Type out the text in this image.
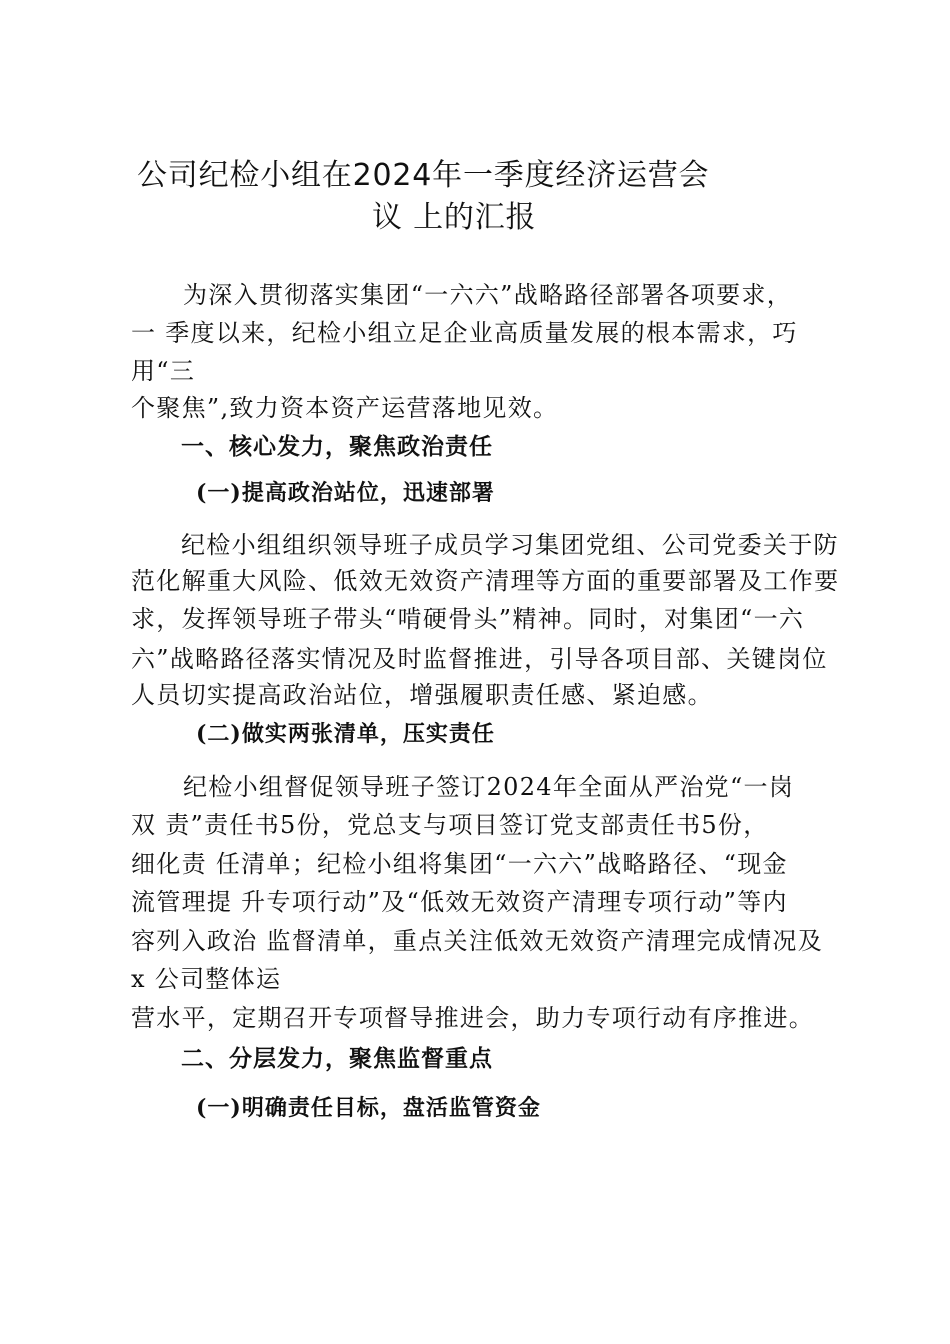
公司纪检小组在2024年一季度经济运营会
议 上的汇报
为深入贯彻落实集团“一六六”战略路径部署各项要求，
一 季度以来，纪检小组立足企业高质量发展的根本需求，巧
用“三
个聚焦”,致力资本资产运营落地见效。
一、核心发力，聚焦政治责任
(一)提高政治站位，迅速部署
纪检小组组织领导班子成员学习集团党组、公司党委关于防
范化解重大风险、低效无效资产清理等方面的重要部署及工作要
求，发挥领导班子带头“啃硬骨头”精神。同时，对集团“一六
六”战略路径落实情况及时监督推进，引导各项目部、关键岗位
人员切实提高政治站位，增强履职责任感、紧迫感。
(二)做实两张清单，压实责任
纪检小组督促领导班子签订2024年全面从严治党“一岗
双 责”责任书5份，党总支与项目签订党支部责任书5份，
细化责 任清单；纪检小组将集团“一六六”战略路径、“现金
流管理提 升专项行动”及“低效无效资产清理专项行动”等内
容列入政治 监督清单，重点关注低效无效资产清理完成情况及
x 公司整体运
营水平，定期召开专项督导推进会，助力专项行动有序推进。
二、分层发力，聚焦监督重点
(一)明确责任目标，盘活监管资金
